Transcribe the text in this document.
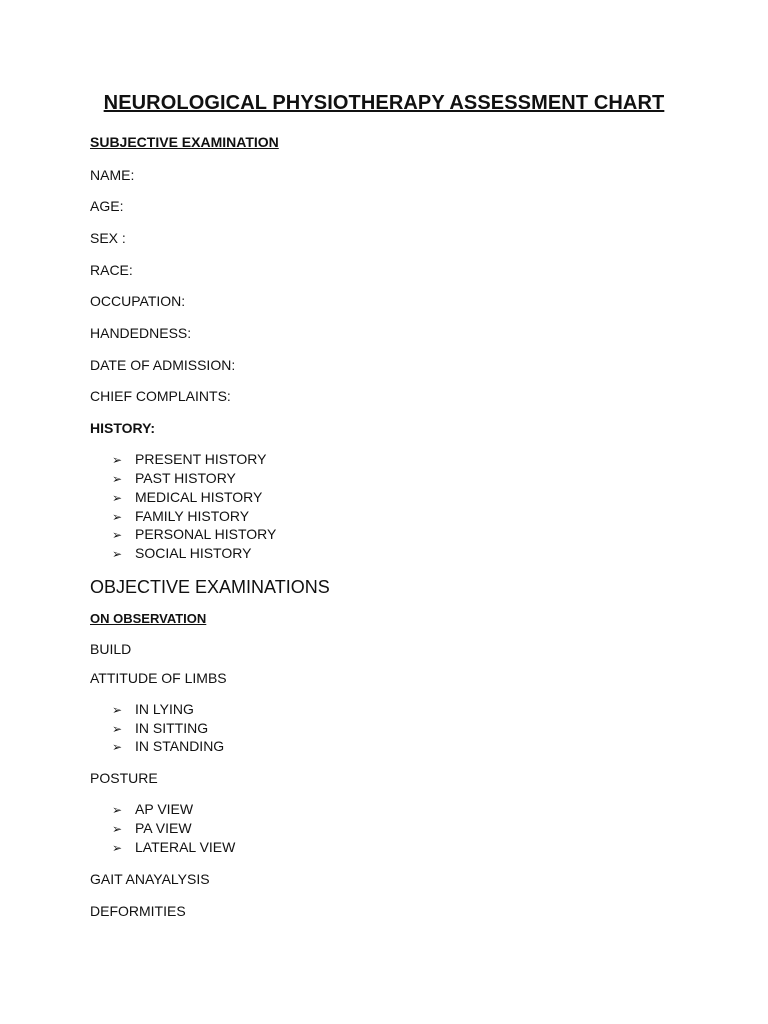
NEUROLOGICAL PHYSIOTHERAPY ASSESSMENT CHART
SUBJECTIVE EXAMINATION
NAME:
AGE:
SEX :
RACE:
OCCUPATION:
HANDEDNESS:
DATE OF ADMISSION:
CHIEF COMPLAINTS:
HISTORY:
➢ PRESENT HISTORY
➢ PAST HISTORY
➢ MEDICAL HISTORY
➢ FAMILY HISTORY
➢ PERSONAL HISTORY
➢ SOCIAL HISTORY
OBJECTIVE EXAMINATIONS
ON OBSERVATION
BUILD
ATTITUDE OF LIMBS
➢ IN LYING
➢ IN SITTING
➢ IN STANDING
POSTURE
➢ AP VIEW
➢ PA VIEW
➢ LATERAL VIEW
GAIT ANAYALYSIS
DEFORMITIES
